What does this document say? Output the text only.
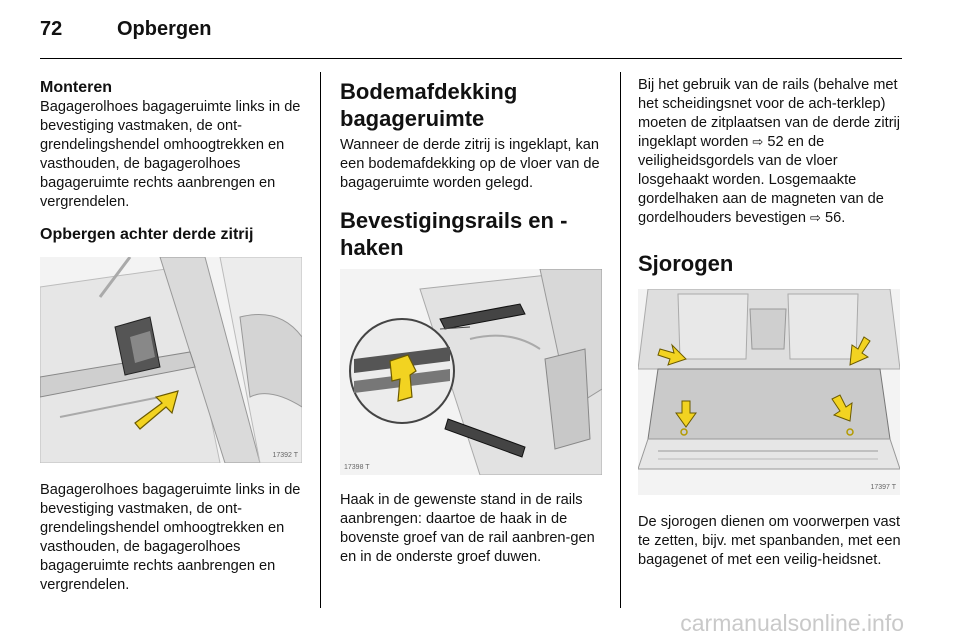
72	Opbergen
Monteren

Bagagerolhoes bagageruimte links in de bevestiging vastmaken, de ont-grendelingshendel omhoogtrekken en vasthouden, de bagagerolhoes bagageruimte rechts aanbrengen en vergrendelen.

Opbergen achter derde zitrij
17392 T

Bagagerolhoes bagageruimte links in de bevestiging vastmaken, de ont-grendelingshendel omhoogtrekken en vasthouden, de bagagerolhoes bagageruimte rechts aanbrengen en vergrendelen.

Bodemafdekking bagageruimte

Wanneer de derde zitrij is ingeklapt, kan een bodemafdekking op de vloer van de bagageruimte worden gelegd.

Bevestigingsrails en -haken
17398 T

Haak in de gewenste stand in de rails aanbrengen: daartoe de haak in de bovenste groef van de rail aanbren-gen en in de onderste groef duwen.

Bij het gebruik van de rails (behalve met het scheidingsnet voor de ach-terklep) moeten de zitplaatsen van de derde zitrij ingeklapt worden ⇨ 52 en de veiligheidsgordels van de vloer losgehaakt worden. Losgemaakte gordelhaken aan de magneten van de gordelhouders bevestigen ⇨ 56.

Sjorogen
17397 T

De sjorogen dienen om voorwerpen vast te zetten, bijv. met spanbanden, met een bagagenet of met een veilig-heidsnet.

carmanualsonline.info
